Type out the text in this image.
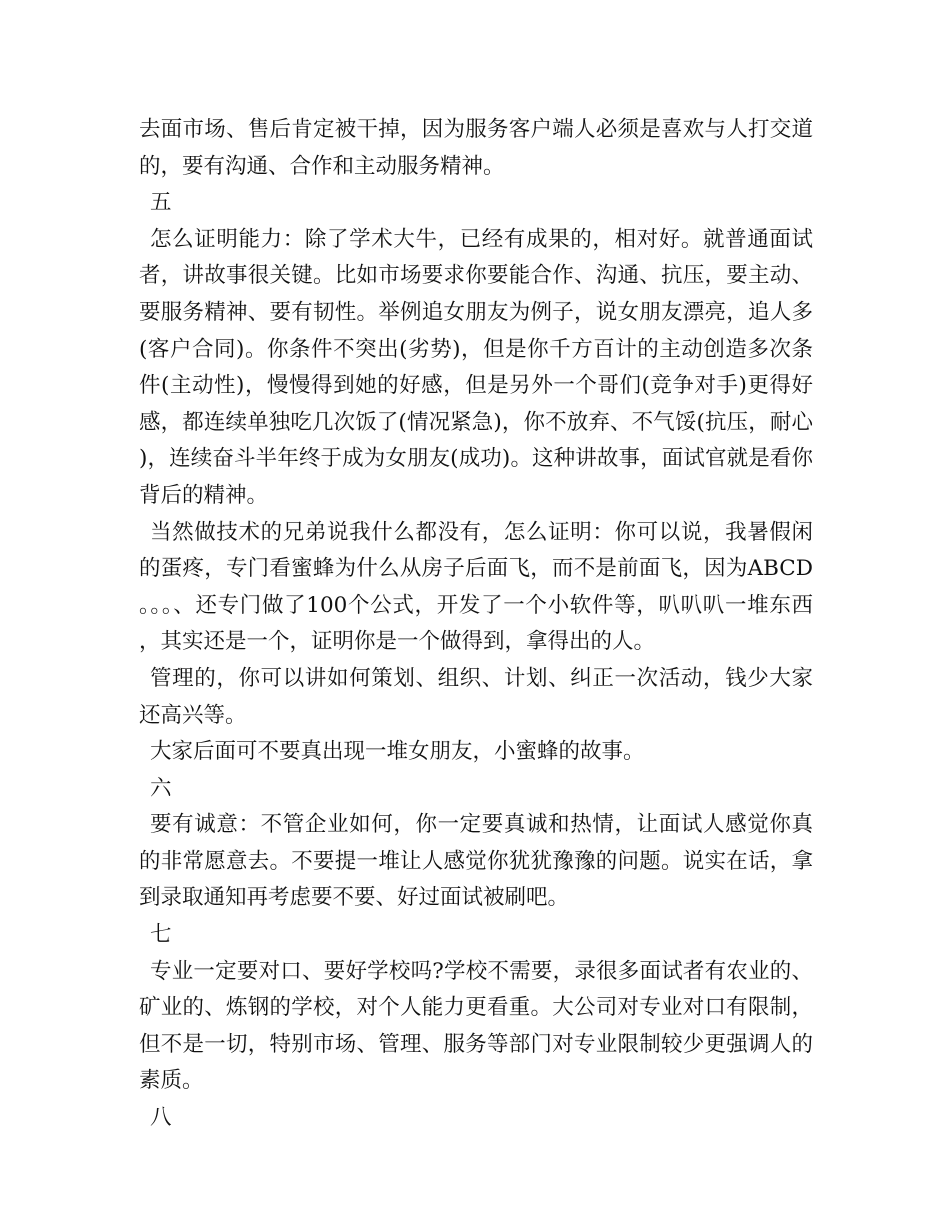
去面市场、售后肯定被干掉，因为服务客户端人必须是喜欢与人打交道的，要有沟通、合作和主动服务精神。

五

怎么证明能力：除了学术大牛，已经有成果的，相对好。就普通面试者，讲故事很关键。比如市场要求你要能合作、沟通、抗压，要主动、要服务精神、要有韧性。举例追女朋友为例子，说女朋友漂亮，追人多(客户合同)。你条件不突出(劣势)，但是你千方百计的主动创造多次条件(主动性)，慢慢得到她的好感，但是另外一个哥们(竞争对手)更得好感，都连续单独吃几次饭了(情况紧急)，你不放弃、不气馁(抗压，耐心)，连续奋斗半年终于成为女朋友(成功)。这种讲故事，面试官就是看你背后的精神。

当然做技术的兄弟说我什么都没有，怎么证明：你可以说，我暑假闲的蛋疼，专门看蜜蜂为什么从房子后面飞，而不是前面飞，因为ABCD。。。、还专门做了100个公式，开发了一个小软件等，叭叭叭一堆东西，其实还是一个，证明你是一个做得到，拿得出的人。

管理的，你可以讲如何策划、组织、计划、纠正一次活动，钱少大家还高兴等。

大家后面可不要真出现一堆女朋友，小蜜蜂的故事。

六

要有诚意：不管企业如何，你一定要真诚和热情，让面试人感觉你真的非常愿意去。不要提一堆让人感觉你犹犹豫豫的问题。说实在话，拿到录取通知再考虑要不要、好过面试被刷吧。

七

专业一定要对口、要好学校吗?学校不需要，录很多面试者有农业的、矿业的、炼钢的学校，对个人能力更看重。大公司对专业对口有限制，但不是一切，特别市场、管理、服务等部门对专业限制较少更强调人的素质。

八
